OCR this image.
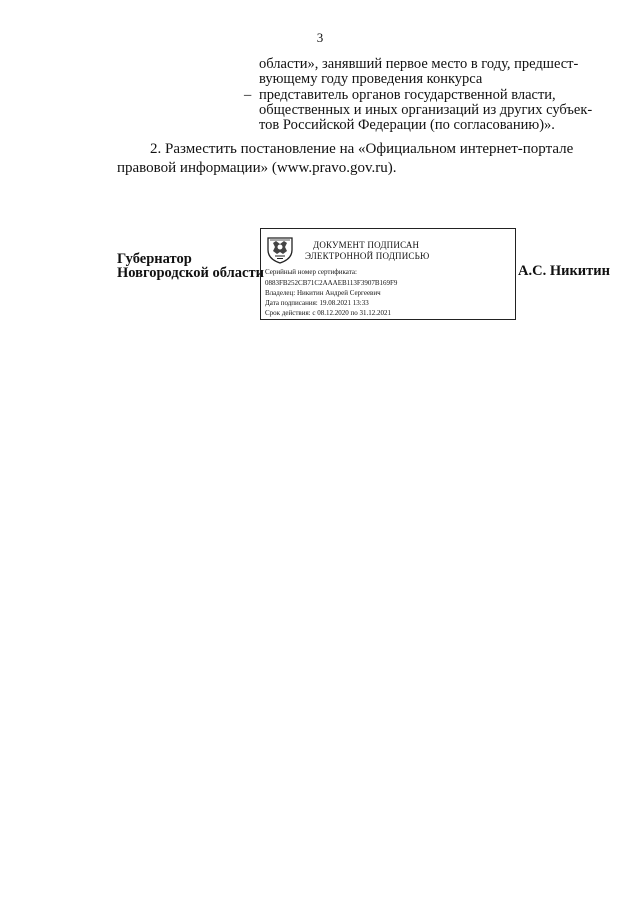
3
области», занявший первое место в году, предшест-
вующему году проведения конкурса
– представитель органов государственной власти,
общественных и иных организаций из других субъек-
тов Российской Федерации (по согласованию)».
2. Разместить постановление на «Официальном интернет-портале
правовой информации» (www.pravo.gov.ru).
Губернатор
Новгородской области
ДОКУМЕНТ ПОДПИСАН
ЭЛЕКТРОННОЙ ПОДПИСЬЮ
Серийный номер сертификата:
0883FB252CB71C2AAAEB113F3907B169F9
Владелец: Никитин Андрей Сергеевич
Дата подписания: 19.08.2021 13:33
Срок действия: с 08.12.2020 по 31.12.2021
А.С. Никитин
